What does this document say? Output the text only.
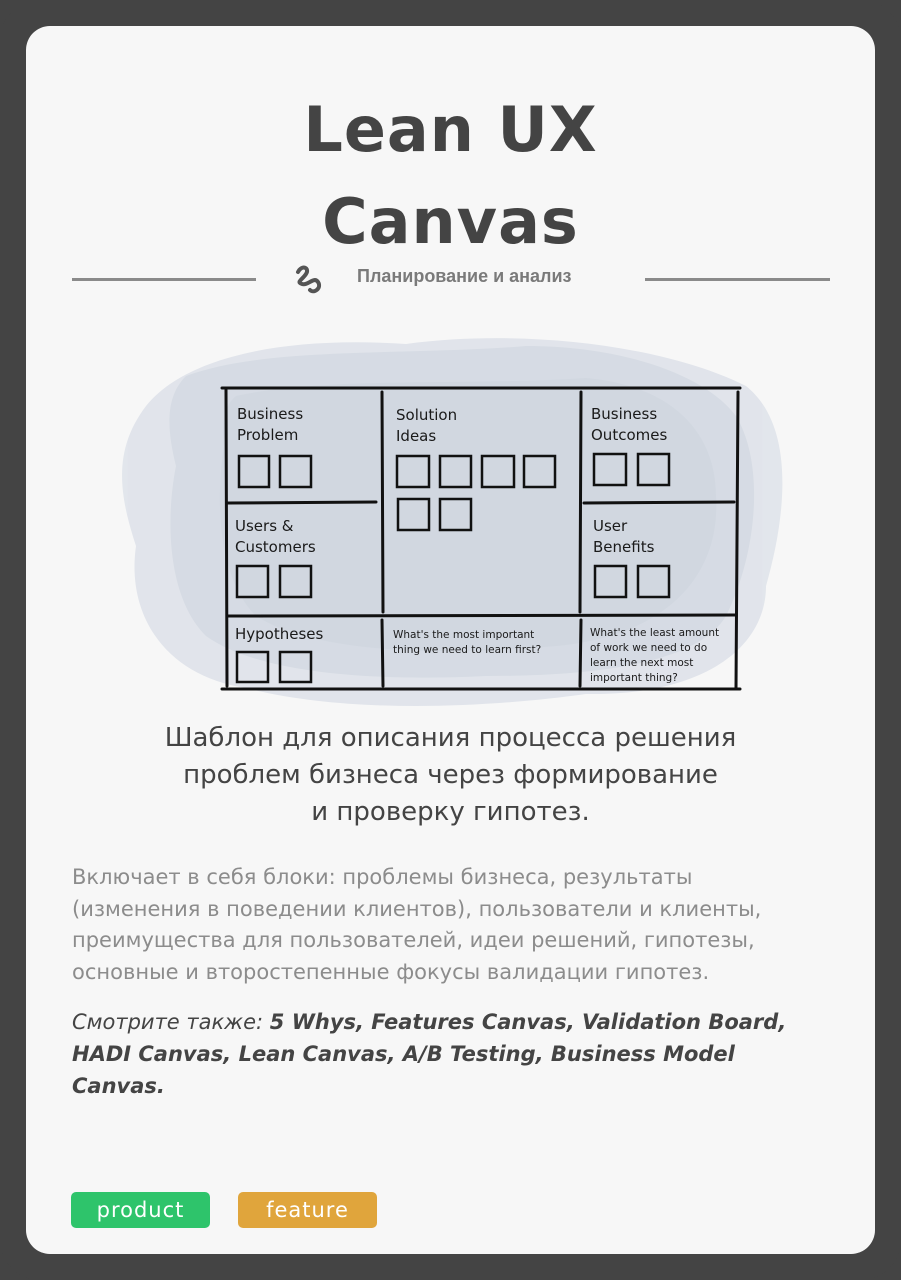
Lean UX
Canvas
Планирование и анализ
Business Problem
Solution Ideas
Business Outcomes
Users & Customers
User Benefits
Hypotheses	What's the most important thing we need to learn first?
What's the least amount of work we need to do learn the next most important thing?
Шаблон для описания процесса решения
проблем бизнеса через формирование
и проверку гипотез.
Включает в себя блоки: проблемы бизнеса, результаты
(изменения в поведении клиентов), пользователи и клиенты,
преимущества для пользователей, идеи решений, гипотезы,
основные и второстепенные фокусы валидации гипотез.
Смотрите также: 5 Whys, Features Canvas, Validation Board,
HADI Canvas, Lean Canvas, A/B Testing, Business Model
Canvas.
product	feature
